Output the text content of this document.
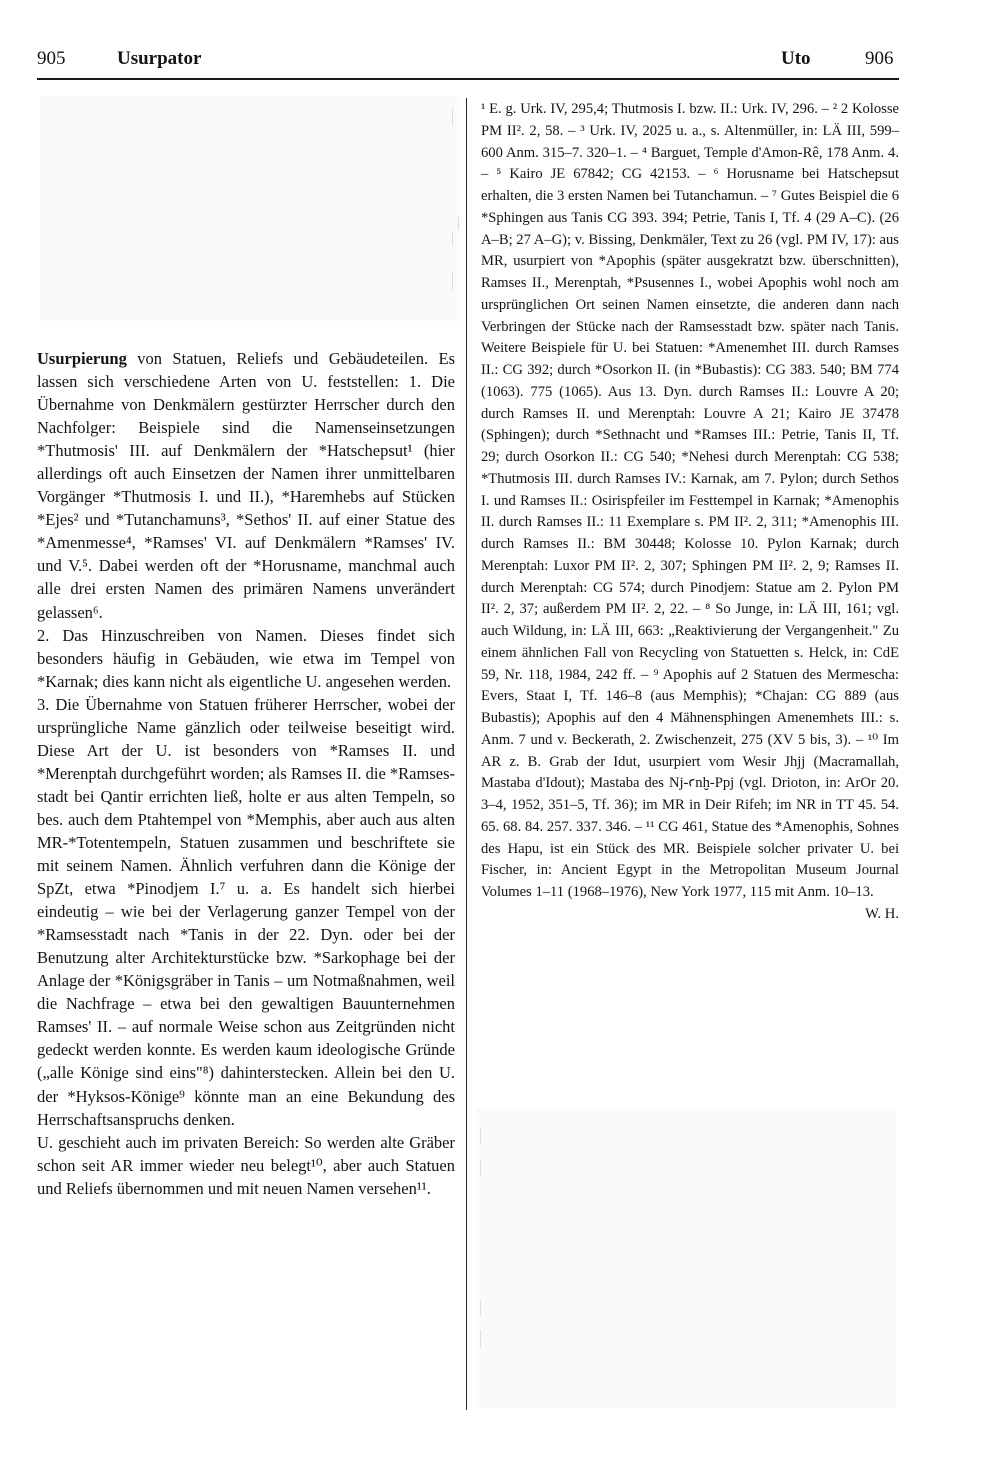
905	Usurpator	Uto	906

Usurpierung von Statuen, Reliefs und Gebäudeteilen. Es lassen sich verschiedene Arten von U. feststellen: 1. Die Übernahme von Denkmälern gestürzter Herrscher durch den Nachfolger: Beispiele sind die Namenseinsetzungen *Thutmosis' III. auf Denkmälern der *Hatschepsut¹ (hier allerdings oft auch Einsetzen der Namen ihrer unmittelbaren Vorgänger *Thutmosis I. und II.), *Haremhebs auf Stücken *Ejes² und *Tutanchamuns³, *Sethos' II. auf einer Statue des *Amenmesse⁴, *Ramses' VI. auf Denkmälern *Ramses' IV. und V.⁵. Dabei werden oft der *Horusname, manchmal auch alle drei ersten Namen des primären Namens unverändert gelassen⁶.

2. Das Hinzuschreiben von Namen. Dieses findet sich besonders häufig in Gebäuden, wie etwa im Tempel von *Karnak; dies kann nicht als eigentliche U. angesehen werden.

3. Die Übernahme von Statuen früherer Herrscher, wobei der ursprüngliche Name gänzlich oder teilweise beseitigt wird. Diese Art der U. ist besonders von *Ramses II. und *Merenptah durchgeführt worden; als Ramses II. die *Ramsesstadt bei Qantir errichten ließ, holte er aus alten Tempeln, so bes. auch dem Ptahtempel von *Memphis, aber auch aus alten MR-*Totentempeln, Statuen zusammen und beschriftete sie mit seinem Namen. Ähnlich verfuhren dann die Könige der SpZt, etwa *Pinodjem I.⁷ u. a. Es handelt sich hierbei eindeutig – wie bei der Verlagerung ganzer Tempel von der *Ramsesstadt nach *Tanis in der 22. Dyn. oder bei der Benutzung alter Architekturstücke bzw. *Sarkophage bei der Anlage der *Königsgräber in Tanis – um Notmaßnahmen, weil die Nachfrage – etwa bei den gewaltigen Bauunternehmen Ramses' II. – auf normale Weise schon aus Zeitgründen nicht gedeckt werden konnte. Es werden kaum ideologische Gründe („alle Könige sind eins"⁸) dahinterstecken. Allein bei den U. der *Hyksos-Könige⁹ könnte man an eine Bekundung des Herrschaftsanspruchs denken.

U. geschieht auch im privaten Bereich: So werden alte Gräber schon seit AR immer wieder neu belegt¹⁰, aber auch Statuen und Reliefs übernommen und mit neuen Namen versehen¹¹.

¹ E. g. Urk. IV, 295,4; Thutmosis I. bzw. II.: Urk. IV, 296. – ² 2 Kolosse PM II². 2, 58. – ³ Urk. IV, 2025 u. a., s. Altenmüller, in: LÄ III, 599–600 Anm. 315–7. 320–1. – ⁴ Barguet, Temple d'Amon-Rê, 178 Anm. 4. – ⁵ Kairo JE 67842; CG 42153. – ⁶ Horusname bei Hatschepsut erhalten, die 3 ersten Namen bei Tutanchamun. – ⁷ Gutes Beispiel die 6 *Sphingen aus Tanis CG 393. 394; Petrie, Tanis I, Tf. 4 (29 A–C). (26 A–B; 27 A–G); v. Bissing, Denkmäler, Text zu 26 (vgl. PM IV, 17): aus MR, usurpiert von *Apophis (später ausgekratzt bzw. überschnitten), Ramses II., Merenptah, *Psusennes I., wobei Apophis wohl noch am ursprünglichen Ort seinen Namen einsetzte, die anderen dann nach Verbringen der Stücke nach der Ramsesstadt bzw. später nach Tanis. Weitere Beispiele für U. bei Statuen: *Amenemhet III. durch Ramses II.: CG 392; durch *Osorkon II. (in *Bubastis): CG 383. 540; BM 774 (1063). 775 (1065). Aus 13. Dyn. durch Ramses II.: Louvre A 20; durch Ramses II. und Merenptah: Louvre A 21; Kairo JE 37478 (Sphingen); durch *Sethnacht und *Ramses III.: Petrie, Tanis II, Tf. 29; durch Osorkon II.: CG 540; *Nehesi durch Merenptah: CG 538; *Thutmosis III. durch Ramses IV.: Karnak, am 7. Pylon; durch Sethos I. und Ramses II.: Osirispfeiler im Festtempel in Karnak; *Amenophis II. durch Ramses II.: 11 Exemplare s. PM II². 2, 311; *Amenophis III. durch Ramses II.: BM 30448; Kolosse 10. Pylon Karnak; durch Merenptah: Luxor PM II². 2, 307; Sphingen PM II². 2, 9; Ramses II. durch Merenptah: CG 574; durch Pinodjem: Statue am 2. Pylon PM II². 2, 37; außerdem PM II². 2, 22. – ⁸ So Junge, in: LÄ III, 161; vgl. auch Wildung, in: LÄ III, 663: „Reaktivierung der Vergangenheit." Zu einem ähnlichen Fall von Recycling von Statuetten s. Helck, in: CdE 59, Nr. 118, 1984, 242 ff. – ⁹ Apophis auf 2 Statuen des Mermescha: Evers, Staat I, Tf. 146–8 (aus Memphis); *Chajan: CG 889 (aus Bubastis); Apophis auf den 4 Mähnensphingen Amenemhets III.: s. Anm. 7 und v. Beckerath, 2. Zwischenzeit, 275 (XV 5 bis, 3). – ¹⁰ Im AR z. B. Grab der Idut, usurpiert vom Wesir Jhjj (Macramallah, Mastaba d'Idout); Mastaba des Nj-ꜥnḫ-Ppj (vgl. Drioton, in: ArOr 20. 3–4, 1952, 351–5, Tf. 36); im MR in Deir Rifeh; im NR in TT 45. 54. 65. 68. 84. 257. 337. 346. – ¹¹ CG 461, Statue des *Amenophis, Sohnes des Hapu, ist ein Stück des MR. Beispiele solcher privater U. bei Fischer, in: Ancient Egypt in the Metropolitan Museum Journal Volumes 1–11 (1968–1976), New York 1977, 115 mit Anm. 10–13.
W. H.
